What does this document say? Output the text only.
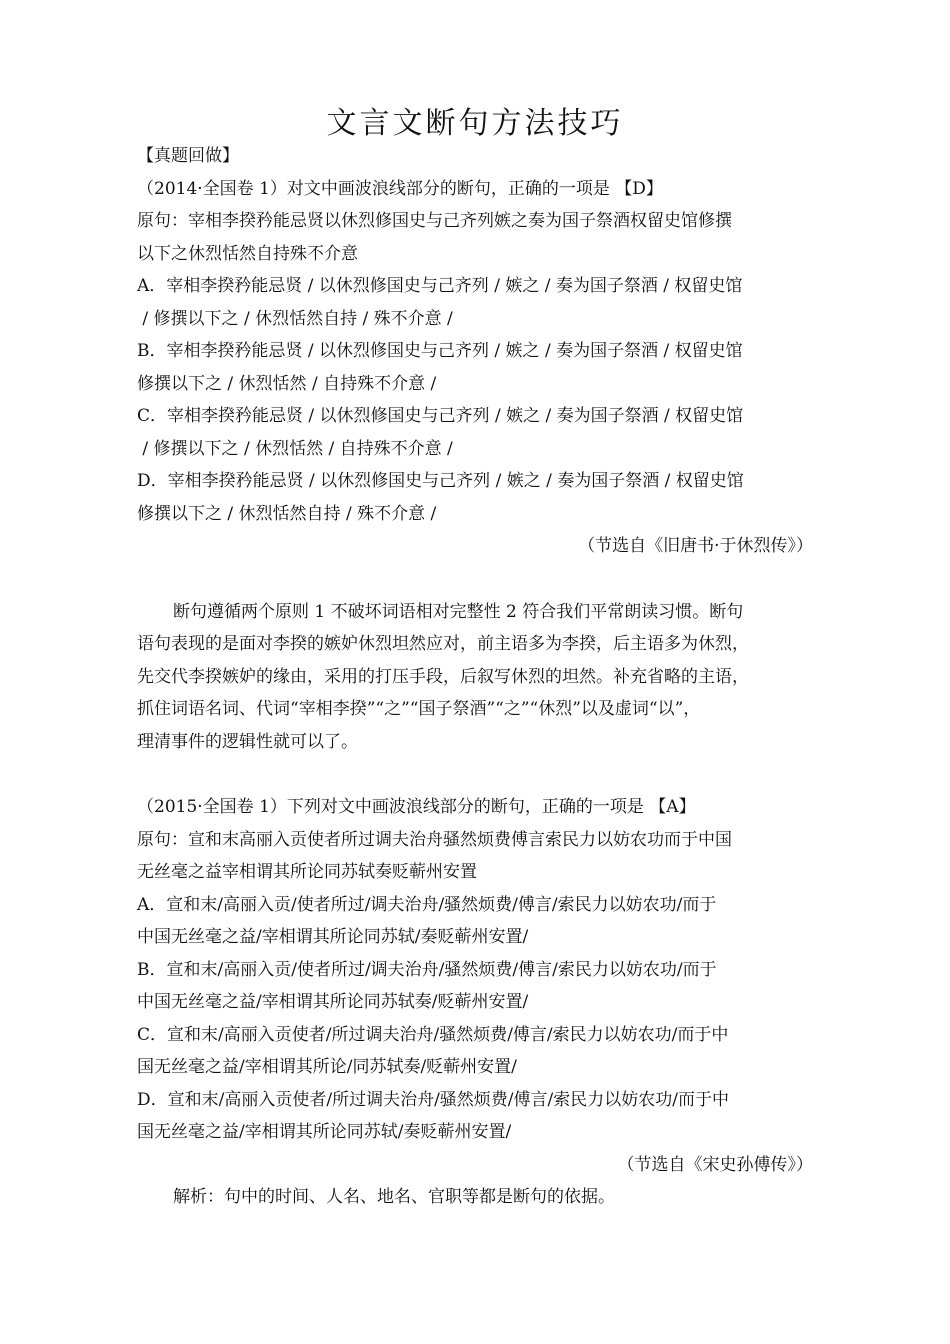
文言文断句方法技巧
【真题回做】
（2014·全国卷 1）对文中画波浪线部分的断句，正确的一项是 【D】
原句：宰相李揆矜能忌贤以休烈修国史与己齐列嫉之奏为国子祭酒权留史馆修撰
以下之休烈恬然自持殊不介意
A．宰相李揆矜能忌贤 / 以休烈修国史与己齐列 / 嫉之 / 奏为国子祭酒 / 权留史馆
/ 修撰以下之 / 休烈恬然自持 / 殊不介意 /
B．宰相李揆矜能忌贤 / 以休烈修国史与己齐列 / 嫉之 / 奏为国子祭酒 / 权留史馆
修撰以下之 / 休烈恬然 / 自持殊不介意 /
C．宰相李揆矜能忌贤 / 以休烈修国史与己齐列 / 嫉之 / 奏为国子祭酒 / 权留史馆
/ 修撰以下之 / 休烈恬然 / 自持殊不介意 /
D．宰相李揆矜能忌贤 / 以休烈修国史与己齐列 / 嫉之 / 奏为国子祭酒 / 权留史馆
修撰以下之 / 休烈恬然自持 / 殊不介意 /
（节选自《旧唐书·于休烈传》）
断句遵循两个原则 1 不破坏词语相对完整性 2 符合我们平常朗读习惯。断句
语句表现的是面对李揆的嫉妒休烈坦然应对，前主语多为李揆，后主语多为休烈，
先交代李揆嫉妒的缘由，采用的打压手段，后叙写休烈的坦然。补充省略的主语，
抓住词语名词、代词“宰相李揆”“之”“国子祭酒”“之”“休烈”以及虚词“以”，
理清事件的逻辑性就可以了。
（2015·全国卷 1）下列对文中画波浪线部分的断句，正确的一项是 【A】
原句：宣和末高丽入贡使者所过调夫治舟骚然烦费傅言索民力以妨农功而于中国
无丝毫之益宰相谓其所论同苏轼奏贬蕲州安置
A．宣和末/高丽入贡/使者所过/调夫治舟/骚然烦费/傅言/索民力以妨农功/而于
中国无丝毫之益/宰相谓其所论同苏轼/奏贬蕲州安置/
B．宣和末/高丽入贡/使者所过/调夫治舟/骚然烦费/傅言/索民力以妨农功/而于
中国无丝毫之益/宰相谓其所论同苏轼奏/贬蕲州安置/
C．宣和末/高丽入贡使者/所过调夫治舟/骚然烦费/傅言/索民力以妨农功/而于中
国无丝毫之益/宰相谓其所论/同苏轼奏/贬蕲州安置/
D．宣和末/高丽入贡使者/所过调夫治舟/骚然烦费/傅言/索民力以妨农功/而于中
国无丝毫之益/宰相谓其所论同苏轼/奏贬蕲州安置/
（节选自《宋史孙傅传》）
解析：句中的时间、人名、地名、官职等都是断句的依据。
